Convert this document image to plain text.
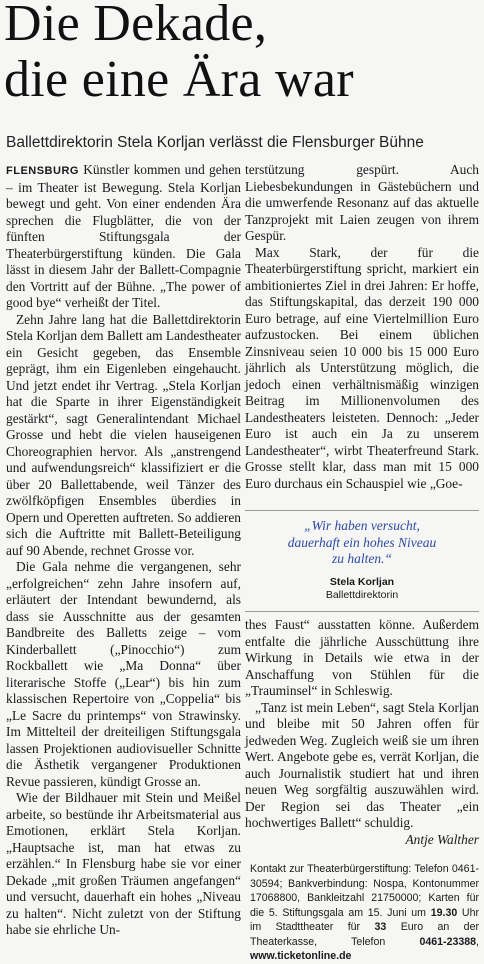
Die Dekade,
die eine Ära war
Ballettdirektorin Stela Korljan verlässt die Flensburger Bühne

FLENSBURG Künstler kommen und gehen – im Theater ist Bewegung. Stela Korljan bewegt und geht. Von einer endenden Ära sprechen die Flugblätter, die von der fünften Stiftungsgala der Theaterbürgerstiftung künden. Die Gala lässt in diesem Jahr der Ballett-Compagnie den Vortritt auf der Bühne. „The power of good bye“ verheißt der Titel.

Zehn Jahre lang hat die Ballettdirektorin Stela Korljan dem Ballett am Landestheater ein Gesicht gegeben, das Ensemble geprägt, ihm ein Eigenleben eingehaucht. Und jetzt endet ihr Vertrag. „Stela Korljan hat die Sparte in ihrer Eigenständigkeit gestärkt“, sagt Generalintendant Michael Grosse und hebt die vielen hauseigenen Choreographien hervor. Als „anstrengend und aufwendungsreich“ klassifiziert er die über 20 Ballettabende, weil Tänzer des zwölfköpfigen Ensembles überdies in Opern und Operetten auftreten. So addieren sich die Auftritte mit Ballett-Beteiligung auf 90 Abende, rechnet Grosse vor.

Die Gala nehme die vergangenen, sehr „erfolgreichen“ zehn Jahre insofern auf, erläutert der Intendant bewundernd, als dass sie Ausschnitte aus der gesamten Bandbreite des Balletts zeige – vom Kinderballett („Pinocchio“) zum Rockballett wie „Ma Donna“ über literarische Stoffe („Lear“) bis hin zum klassischen Repertoire von „Coppelia“ bis „Le Sacre du printemps“ von Strawinsky. Im Mittelteil der dreiteiligen Stiftungsgala lassen Projektionen audiovisueller Schnitte die Ästhetik vergangener Produktionen Revue passieren, kündigt Grosse an.

Wie der Bildhauer mit Stein und Meißel arbeite, so bestünde ihr Arbeitsmaterial aus Emotionen, erklärt Stela Korljan. „Hauptsache ist, man hat etwas zu erzählen.“ In Flensburg habe sie vor einer Dekade „mit großen Träumen angefangen“ und versucht, dauerhaft ein hohes „Niveau zu halten“. Nicht zuletzt von der Stiftung habe sie ehrliche Un-

terstützung gespürt. Auch Liebesbekundungen in Gästebüchern und die umwerfende Resonanz auf das aktuelle Tanzprojekt mit Laien zeugen von ihrem Gespür.

Max Stark, der für die Theaterbürgerstiftung spricht, markiert ein ambitioniertes Ziel in drei Jahren: Er hoffe, das Stiftungskapital, das derzeit 190 000 Euro betrage, auf eine Viertelmillion Euro aufzustocken. Bei einem üblichen Zinsniveau seien 10 000 bis 15 000 Euro jährlich als Unterstützung möglich, die jedoch einen verhältnismäßig winzigen Beitrag im Millionenvolumen des Landestheaters leisteten. Dennoch: „Jeder Euro ist auch ein Ja zu unserem Landestheater“, wirbt Theaterfreund Stark. Grosse stellt klar, dass man mit 15 000 Euro durchaus ein Schauspiel wie „Goe-

„Wir haben versucht,
dauerhaft ein hohes Niveau
zu halten.“
Stela Korljan
Ballettdirektorin

thes Faust“ ausstatten könne. Außerdem entfalte die jährliche Ausschüttung ihre Wirkung in Details wie etwa in der Anschaffung von Stühlen für die „Trauminsel“ in Schleswig.

„Tanz ist mein Leben“, sagt Stela Korljan und bleibe mit 50 Jahren offen für jedweden Weg. Zugleich weiß sie um ihren Wert. Angebote gebe es, verrät Korljan, die auch Journalistik studiert hat und ihren neuen Weg sorgfältig auszuwählen wird. Der Region sei das Theater „ein hochwertiges Ballett“ schuldig.

Antje Walther

Kontakt zur Theaterbürgerstiftung: Telefon 0461-30594; Bankverbindung: Nospa, Kontonummer 17068800, Bankleitzahl 21750000; Karten für die 5. Stiftungsgala am 15. Juni um 19.30 Uhr im Stadttheater für 33 Euro an der Theaterkasse, Telefon 0461-23388, www.ticketonline.de
